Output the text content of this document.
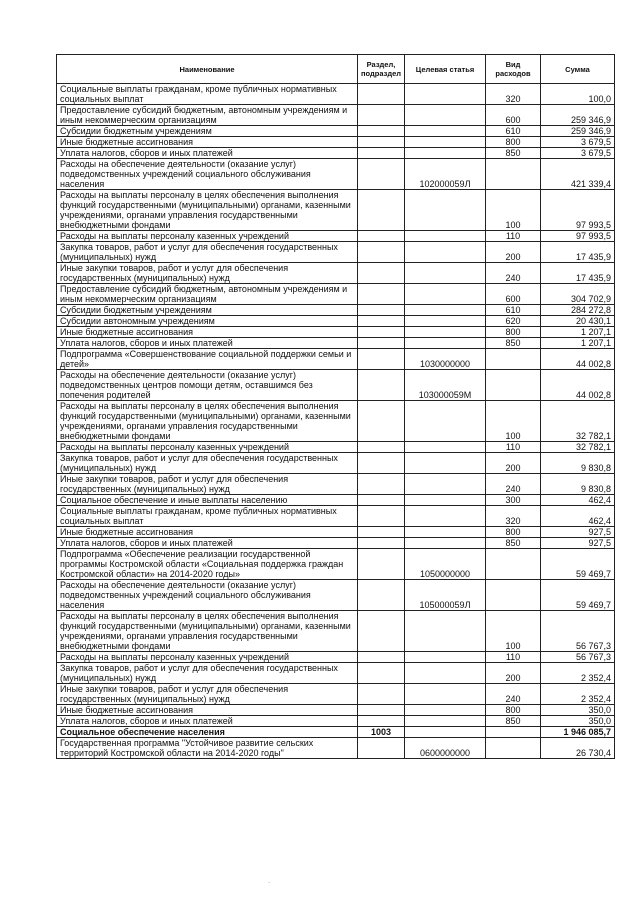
Наименование	Раздел, подраздел	Целевая статья	Вид расходов	Сумма
Социальные выплаты гражданам, кроме публичных нормативных социальных выплат			320	100,0
Предоставление субсидий бюджетным, автономным учреждениям и иным некоммерческим организациям			600	259 346,9
Субсидии бюджетным учреждениям			610	259 346,9
Иные бюджетные ассигнования			800	3 679,5
Уплата налогов, сборов и иных платежей			850	3 679,5
Расходы на обеспечение деятельности (оказание услуг) подведомственных учреждений социального обслуживания населения		102000059Л		421 339,4
Расходы на выплаты персоналу в целях обеспечения выполнения функций государственными (муниципальными) органами, казенными учреждениями, органами управления государственными внебюджетными фондами			100	97 993,5
Расходы на выплаты персоналу казенных учреждений			110	97 993,5
Закупка товаров, работ и услуг для обеспечения государственных (муниципальных) нужд			200	17 435,9
Иные закупки товаров, работ и услуг для обеспечения государственных (муниципальных) нужд			240	17 435,9
Предоставление субсидий бюджетным, автономным учреждениям и иным некоммерческим организациям			600	304 702,9
Субсидии бюджетным учреждениям			610	284 272,8
Субсидии автономным учреждениям			620	20 430,1
Иные бюджетные ассигнования			800	1 207,1
Уплата налогов, сборов и иных платежей			850	1 207,1
Подпрограмма «Совершенствование социальной поддержки семьи и детей»		1030000000		44 002,8
Расходы на обеспечение деятельности (оказание услуг) подведомственных центров помощи детям, оставшимся без попечения родителей		103000059М		44 002,8
Расходы на выплаты персоналу в целях обеспечения выполнения функций государственными (муниципальными) органами, казенными учреждениями, органами управления государственными внебюджетными фондами			100	32 782,1
Расходы на выплаты персоналу казенных учреждений			110	32 782,1
Закупка товаров, работ и услуг для обеспечения государственных (муниципальных) нужд			200	9 830,8
Иные закупки товаров, работ и услуг для обеспечения государственных (муниципальных) нужд			240	9 830,8
Социальное обеспечение и иные выплаты населению			300	462,4
Социальные выплаты гражданам, кроме публичных нормативных социальных выплат			320	462,4
Иные бюджетные ассигнования			800	927,5
Уплата налогов, сборов и иных платежей			850	927,5
Подпрограмма «Обеспечение реализации государственной программы Костромской области «Социальная поддержка граждан Костромской области» на 2014-2020 годы»		1050000000		59 469,7
Расходы на обеспечение деятельности (оказание услуг) подведомственных учреждений социального обслуживания населения		105000059Л		59 469,7
Расходы на выплаты персоналу в целях обеспечения выполнения функций государственными (муниципальными) органами, казенными учреждениями, органами управления государственными внебюджетными фондами			100	56 767,3
Расходы на выплаты персоналу казенных учреждений			110	56 767,3
Закупка товаров, работ и услуг для обеспечения государственных (муниципальных) нужд			200	2 352,4
Иные закупки товаров, работ и услуг для обеспечения государственных (муниципальных) нужд			240	2 352,4
Иные бюджетные ассигнования			800	350,0
Уплата налогов, сборов и иных платежей			850	350,0
Социальное обеспечение населения	1003			1 946 085,7
Государственная программа "Устойчивое развитие сельских территорий Костромской области на 2014-2020 годы"		0600000000		26 730,4
.
